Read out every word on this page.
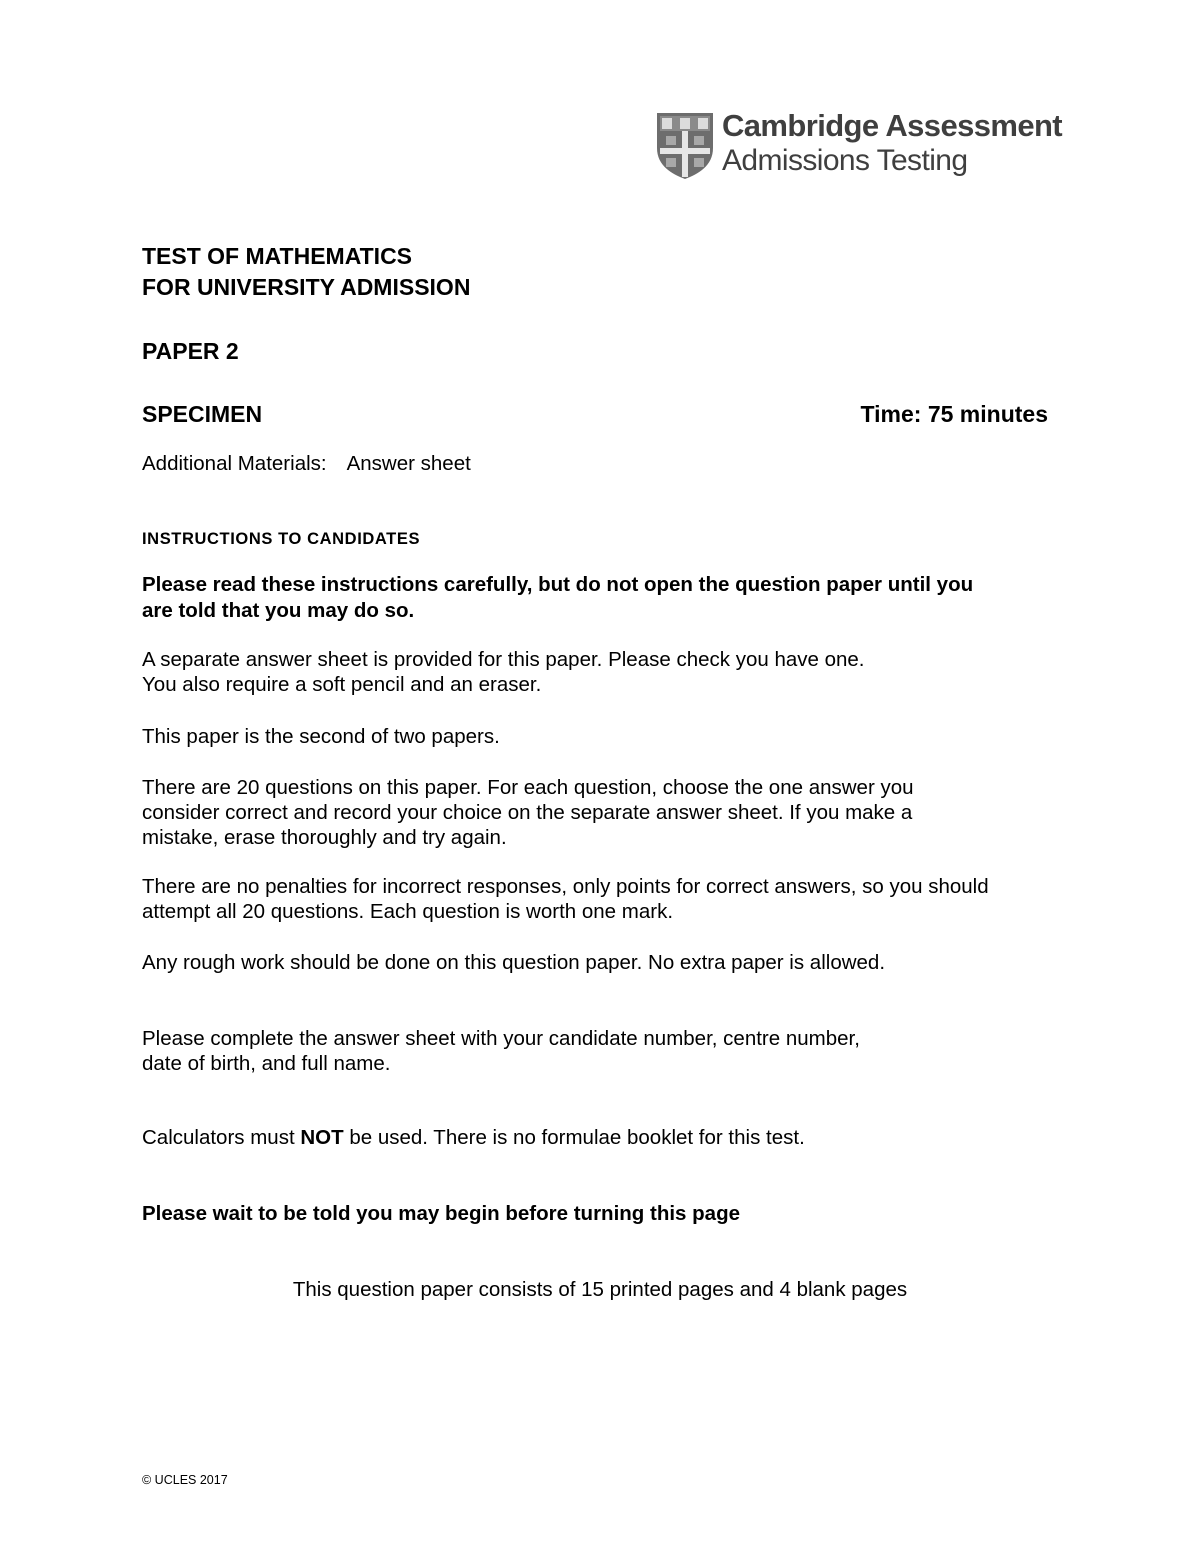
Cambridge Assessment
Admissions Testing
TEST OF MATHEMATICS
FOR UNIVERSITY ADMISSION
PAPER 2
SPECIMEN	Time: 75 minutes
Additional Materials: Answer sheet
INSTRUCTIONS TO CANDIDATES
Please read these instructions carefully, but do not open the question paper until you
are told that you may do so.
A separate answer sheet is provided for this paper. Please check you have one.
You also require a soft pencil and an eraser.
This paper is the second of two papers.
There are 20 questions on this paper. For each question, choose the one answer you
consider correct and record your choice on the separate answer sheet. If you make a
mistake, erase thoroughly and try again.
There are no penalties for incorrect responses, only points for correct answers, so you should
attempt all 20 questions. Each question is worth one mark.
Any rough work should be done on this question paper. No extra paper is allowed.
Please complete the answer sheet with your candidate number, centre number,
date of birth, and full name.
Calculators must NOT be used. There is no formulae booklet for this test.
Please wait to be told you may begin before turning this page
This question paper consists of 15 printed pages and 4 blank pages
© UCLES 2017
